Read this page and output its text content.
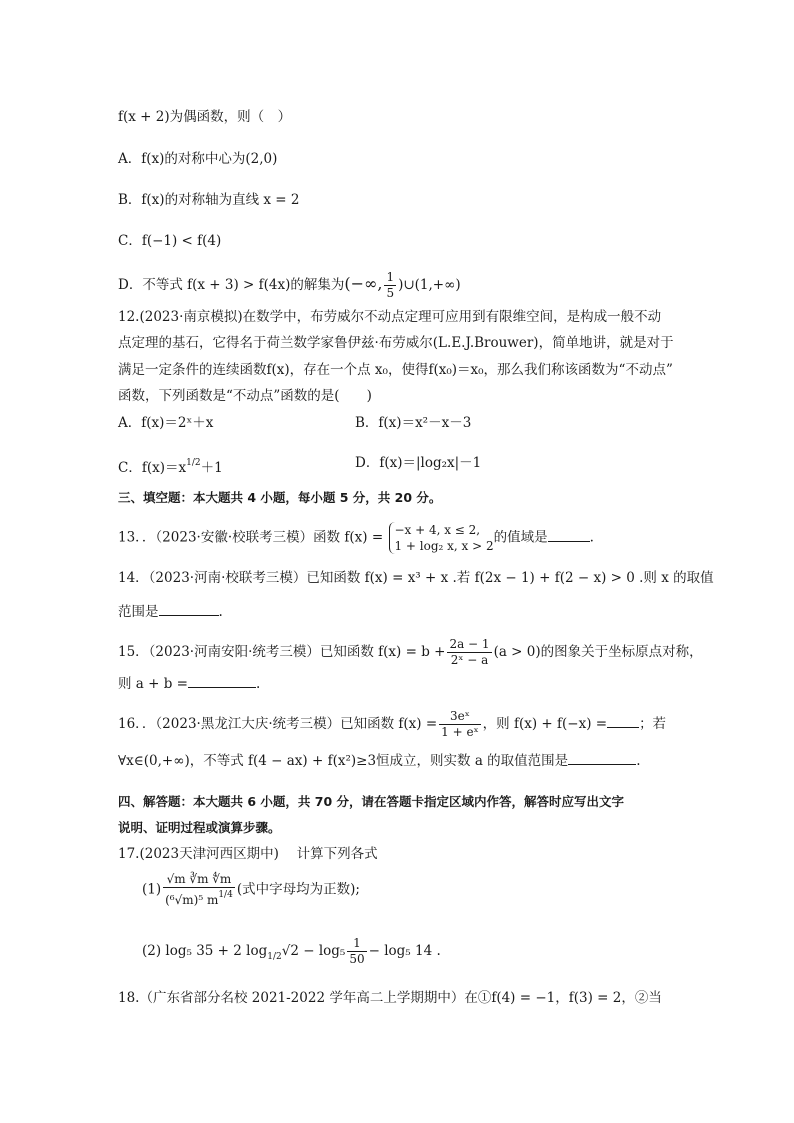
f(x + 2)为偶函数，则（　）
A．f(x)的对称中心为(2,0)
B．f(x)的对称轴为直线 x = 2
C．f(−1) < f(4)
D．不等式 f(x + 3) > f(4x)的解集为(−∞, $\frac{1}{5}$ )∪(1,+∞)
12.(2023·南京模拟)在数学中，布劳威尔不动点定理可应用到有限维空间，是构成一般不动
点定理的基石，它得名于荷兰数学家鲁伊兹·布劳威尔(L.E.J.Brouwer)，简单地讲，就是对于
满足一定条件的连续函数f(x)，存在一个点 x₀，使得f(x₀)＝x₀，那么我们称该函数为“不动点”
函数，下列函数是“不动点”函数的是(　　)
A．f(x)＝2ˣ＋x	B．f(x)＝x²－x－3
C．$f(x)=x^{1/2}+1$	D．f(x)＝|log₂x|－1
三、填空题：本大题共 4 小题，每小题 5 分，共 20 分。
13．．（2023·安徽·校联考三模）函数 f(x) = −x + 4, x ≤ 2,
1 + log₂ x, x > 2
的值域是	.
14．（2023·河南·校联考三模）已知函数 f(x) = x³ + x .若 f(2x − 1) + f(2 − x) > 0 .则 x 的取值
范围是	.
15．（2023·河南安阳·统考三模）已知函数 $f(x) = b + \frac{2a - 1}{\text{2ˣ − a}} (a > 0)$的图象关于坐标原点对称，
则 a + b =	.
16．．（2023·黑龙江大庆·统考三模）已知函数 $f(x) = \frac{\text{3eˣ}}{\text{1 + eˣ}}$ ，则 f(x) + f(−x) = ；若
∀x∈(0,+∞)，不等式 f(4 − ax) + f(x²)≥3恒成立，则实数 a 的取值范围是	.
四、解答题：本大题共 6 小题，共 70 分，请在答题卡指定区域内作答，解答时应写出文字
说明、证明过程或演算步骤。
17.(2023天津河西区期中)　 计算下列各式
$(1) \frac{√m ∛m ∜m}{(^6√m)^5 m^{1/4}}$ (式中字母均为正数);
(2) log₅ 35 + 2 $\log_{1/2}√2 - \log_5 \frac{1}{50} - \log_5$ 14 .
18.（广东省部分名校 2021-2022 学年高二上学期期中）在①f(4) = −1，f(3) = 2，②当
